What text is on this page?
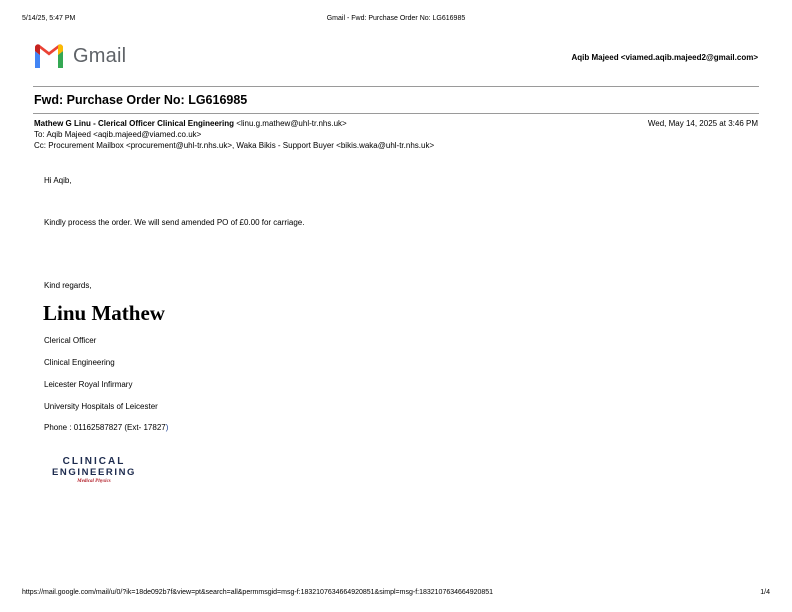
5/14/25, 5:47 PM	Gmail - Fwd: Purchase Order No: LG616985
Gmail	Aqib Majeed <viamed.aqib.majeed2@gmail.com>
Fwd: Purchase Order No: LG616985
Mathew G Linu - Clerical Officer Clinical Engineering <linu.g.mathew@uhl-tr.nhs.uk>	Wed, May 14, 2025 at 3:46 PM
To: Aqib Majeed <aqib.majeed@viamed.co.uk>
Cc: Procurement Mailbox <procurement@uhl-tr.nhs.uk>, Waka Bikis - Support Buyer <bikis.waka@uhl-tr.nhs.uk>
Hi Aqib,
Kindly process the order. We will send amended PO of £0.00 for carriage.
Kind regards,
Linu Mathew
Clerical Officer
Clinical Engineering
Leicester Royal Infirmary
University Hospitals of Leicester
Phone : 01162587827 (Ext- 17827)
CLINICAL
ENGINEERING
Medical Physics
https://mail.google.com/mail/u/0/?ik=18de092b7f&view=pt&search=all&permmsgid=msg-f:1832107634664920851&simpl=msg-f:1832107634664920851	1/4
